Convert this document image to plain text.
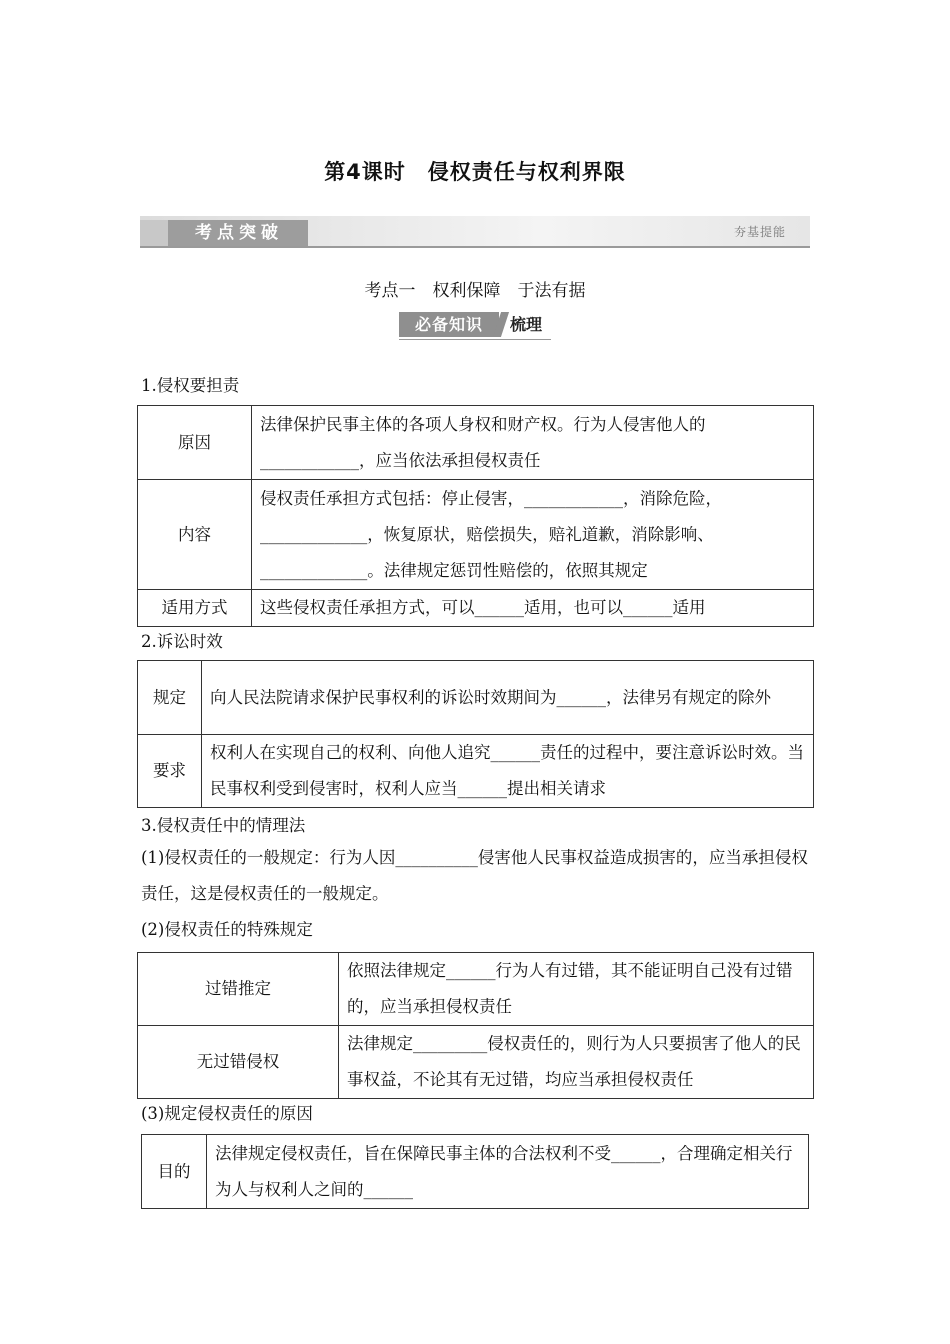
第4课时　侵权责任与权利界限
考点突破	夯基提能
考点一　权利保障　于法有据
必备知识	梳理
1.侵权要担责
原因	法律保护民事主体的各项人身权和财产权。行为人侵害他人的____________，应当依法承担侵权责任
内容	侵权责任承担方式包括：停止侵害，____________，消除危险，_____________，恢复原状，赔偿损失，赔礼道歉，消除影响、_____________。法律规定惩罚性赔偿的，依照其规定
适用方式	这些侵权责任承担方式，可以______适用，也可以______适用
2.诉讼时效
规定	向人民法院请求保护民事权利的诉讼时效期间为______，法律另有规定的除外
要求	权利人在实现自己的权利、向他人追究______责任的过程中，要注意诉讼时效。当民事权利受到侵害时，权利人应当______提出相关请求
3.侵权责任中的情理法
(1)侵权责任的一般规定：行为人因__________侵害他人民事权益造成损害的，应当承担侵权责任，这是侵权责任的一般规定。
(2)侵权责任的特殊规定
过错推定	依照法律规定______行为人有过错，其不能证明自己没有过错的，应当承担侵权责任
无过错侵权	法律规定_________侵权责任的，则行为人只要损害了他人的民事权益，不论其有无过错，均应当承担侵权责任
(3)规定侵权责任的原因
目的	法律规定侵权责任，旨在保障民事主体的合法权利不受______，合理确定相关行为人与权利人之间的______
